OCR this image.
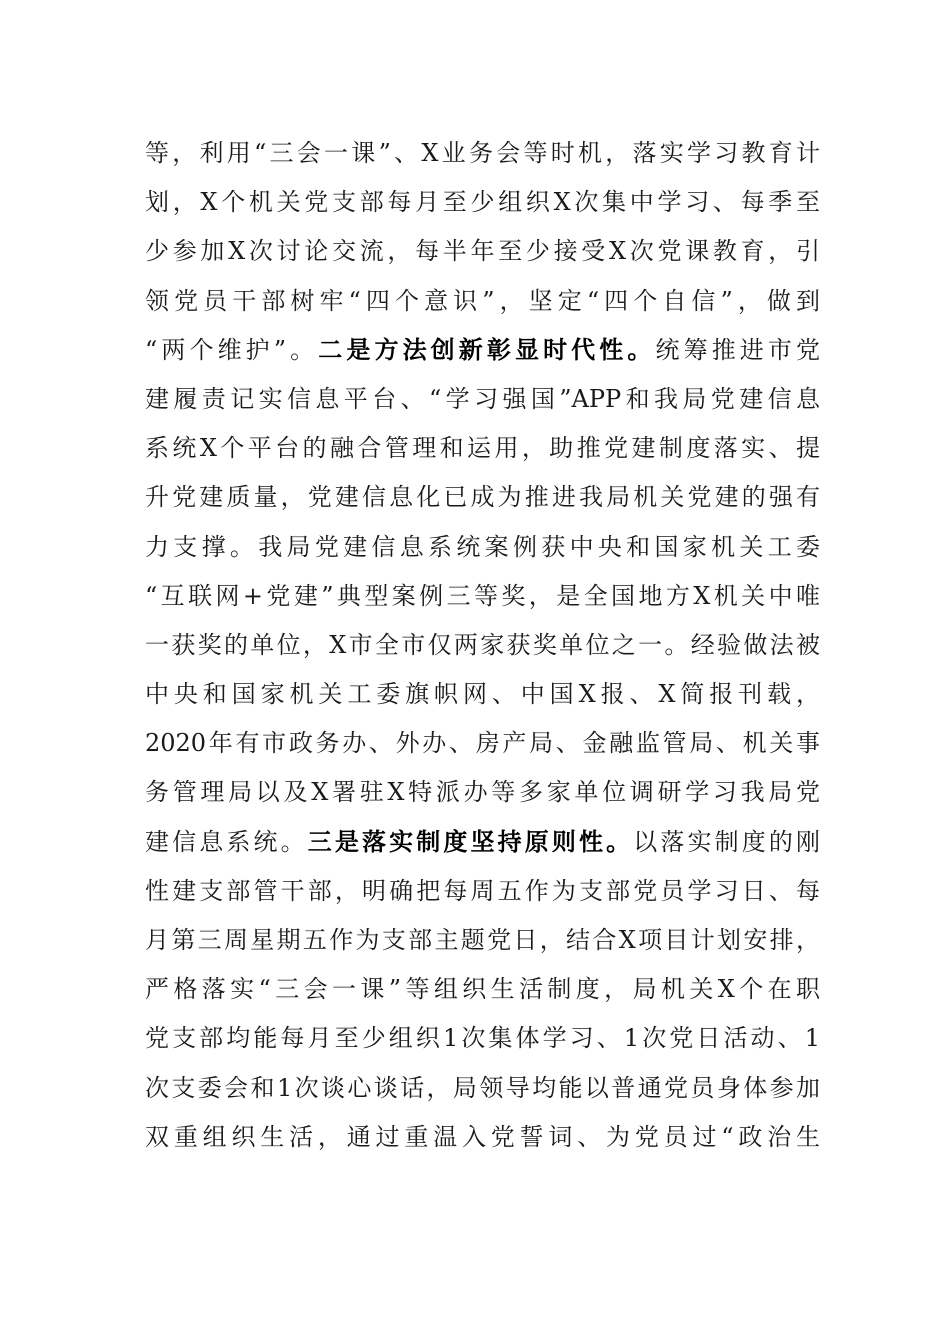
等，利用“三会一课”、X业务会等时机，落实学习教育计
划，X个机关党支部每月至少组织X次集中学习、每季至
少参加X次讨论交流，每半年至少接受X次党课教育，引
领党员干部树牢“四个意识”，坚定“四个自信”，做到
“两个维护”。二是方法创新彰显时代性。统筹推进市党
建履责记实信息平台、“学习强国”APP和我局党建信息
系统X个平台的融合管理和运用，助推党建制度落实、提
升党建质量，党建信息化已成为推进我局机关党建的强有
力支撑。我局党建信息系统案例获中央和国家机关工委
“互联网+党建”典型案例三等奖，是全国地方X机关中唯
一获奖的单位，X市全市仅两家获奖单位之一。经验做法被
中央和国家机关工委旗帜网、中国X报、X简报刊载，
2020年有市政务办、外办、房产局、金融监管局、机关事
务管理局以及X署驻X特派办等多家单位调研学习我局党
建信息系统。三是落实制度坚持原则性。以落实制度的刚
性建支部管干部，明确把每周五作为支部党员学习日、每
月第三周星期五作为支部主题党日，结合X项目计划安排，
严格落实“三会一课”等组织生活制度，局机关X个在职
党支部均能每月至少组织1次集体学习、1次党日活动、1
次支委会和1次谈心谈话，局领导均能以普通党员身体参加
双重组织生活，通过重温入党誓词、为党员过“政治生
